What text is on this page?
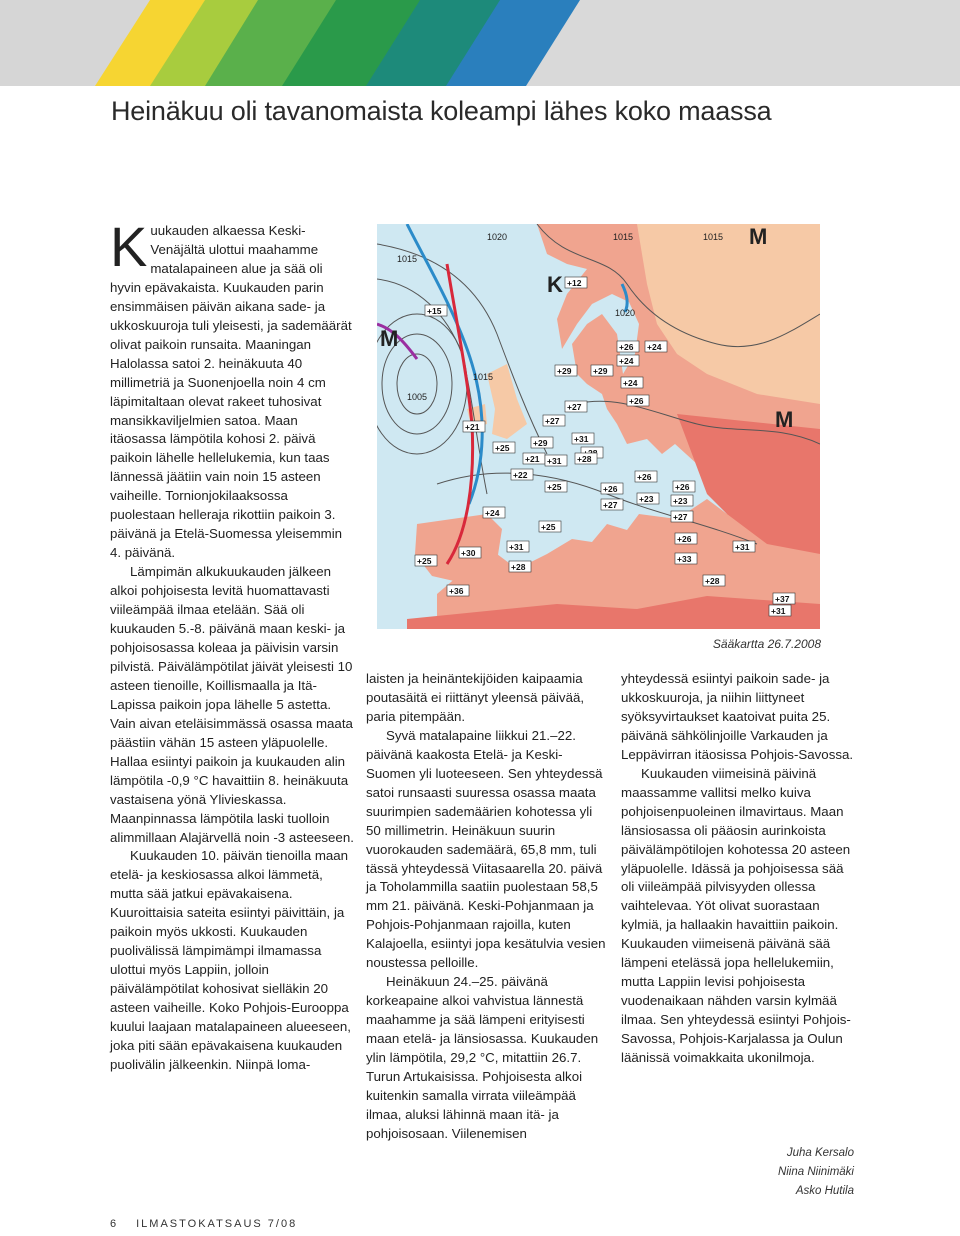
Heinäkuu oli tavanomaista koleampi lähes koko maassa

Kuukauden alkaessa Keski-Venäjältä ulottui maahamme matalapaineen alue ja sää oli hyvin epävakaista. Kuukauden parin ensimmäisen päivän aikana sade- ja ukkoskuuroja tuli yleisesti, ja sademäärät olivat paikoin runsaita. Maaningan Halolassa satoi 2. heinäkuuta 40 millimetriä ja Suonenjoella noin 4 cm läpimitaltaan olevat rakeet tuhosivat mansikkaviljelmien satoa. Maan itäosassa lämpötila kohosi 2. päivä paikoin lähelle hellelukemia, kun taas lännessä jäätiin vain noin 15 asteen vaiheille. Tornionjokilaaksossa puolestaan helleraja rikottiin paikoin 3. päivänä ja Etelä-Suomessa yleisemmin 4. päivänä.

Lämpimän alkukuukauden jälkeen alkoi pohjoisesta levitä huomattavasti viileämpää ilmaa etelään. Sää oli kuukauden 5.-8. päivänä maan keski- ja pohjoisosassa koleaa ja päivisin varsin pilvistä. Päivälämpötilat jäivät yleisesti 10 asteen tienoille, Koillismaalla ja Itä-Lapissa paikoin jopa lähelle 5 astetta. Vain aivan eteläisimmässä osassa maata päästiin vähän 15 asteen yläpuolelle. Hallaa esiintyi paikoin ja kuukauden alin lämpötila -0,9 °C havaittiin 8. heinäkuuta vastaisena yönä Ylivieskassa. Maanpinnassa lämpötila laski tuolloin alimmillaan Alajärvellä noin -3 asteeseen.

Kuukauden 10. päivän tienoilla maan etelä- ja keskiosassa alkoi lämmetä, mutta sää jatkui epävakaisena. Kuuroittaisia sateita esiintyi päivittäin, ja paikoin myös ukkosti. Kuukauden puolivälissä lämpimämpi ilmamassa ulottui myös Lappiin, jolloin päivälämpötilat kohosivat sielläkin 20 asteen vaiheille. Koko Pohjois-Eurooppa kuului laajaan matalapaineen alueeseen, joka piti sään epävakaisena kuukauden puolivälin jälkeenkin. Niinpä loma-

M
K
M
M
1020
1015
1015	1015
1015
1005
1020
+12
+15
+29	+29
+26 +24
+24
+24
+26
+27
+21
+27
+31
+29
+21
+25
+31 +28
+22
+25
+26
+26
+27
+24
+23 +23
+26
+27
+25
+30
+31
+28
+25
+26
+36
+31
+33
+28
+37
+31
Sääkartta 26.7.2008

laisten ja heinäntekijöiden kaipaamia poutasäitä ei riittänyt yleensä päivää, paria pitempään.

Syvä matalapaine liikkui 21.–22. päivänä kaakosta Etelä- ja Keski-Suomen yli luoteeseen. Sen yhteydessä satoi runsaasti suuressa osassa maata suurimpien sademäärien kohotessa yli 50 millimetrin. Heinäkuun suurin vuorokauden sademäärä, 65,8 mm, tuli tässä yhteydessä Viitasaarella 20. päivä ja Toholammilla saatiin puolestaan 58,5 mm 21. päivänä. Keski-Pohjanmaan ja Pohjois-Pohjanmaan rajoilla, kuten Kalajoella, esiintyi jopa kesätulvia vesien noustessa pelloille.

Heinäkuun 24.–25. päivänä korkeapaine alkoi vahvistua lännestä maahamme ja sää lämpeni erityisesti maan etelä- ja länsiosassa. Kuukauden ylin lämpötila, 29,2 °C, mitattiin 26.7. Turun Artukaisissa. Pohjoisesta alkoi kuitenkin samalla virrata viileämpää ilmaa, aluksi lähinnä maan itä- ja pohjoisosaan. Viilenemisen

yhteydessä esiintyi paikoin sade- ja ukkoskuuroja, ja niihin liittyneet syöksyvirtaukset kaatoivat puita 25. päivänä sähkölinjoille Varkauden ja Leppävirran itäosissa Pohjois-Savossa.

Kuukauden viimeisinä päivinä maassamme vallitsi melko kuiva pohjoisenpuoleinen ilmavirtaus. Maan länsiosassa oli pääosin aurinkoista päivälämpötilojen kohotessa 20 asteen yläpuolelle. Idässä ja pohjoisessa sää oli viileämpää pilvisyyden ollessa vaihtelevaa. Yöt olivat suorastaan kylmiä, ja hallaakin havaittiin paikoin. Kuukauden viimeisenä päivänä sää lämpeni etelässä jopa hellelukemiin, mutta Lappiin levisi pohjoisesta vuodenaikaan nähden varsin kylmää ilmaa. Sen yhteydessä esiintyi Pohjois-Savossa, Pohjois-Karjalassa ja Oulun läänissä voimakkaita ukonilmoja.

Juha Kersalo
Niina Niinimäki
Asko Hutila
6 ILMASTOKATSAUS 7/08
